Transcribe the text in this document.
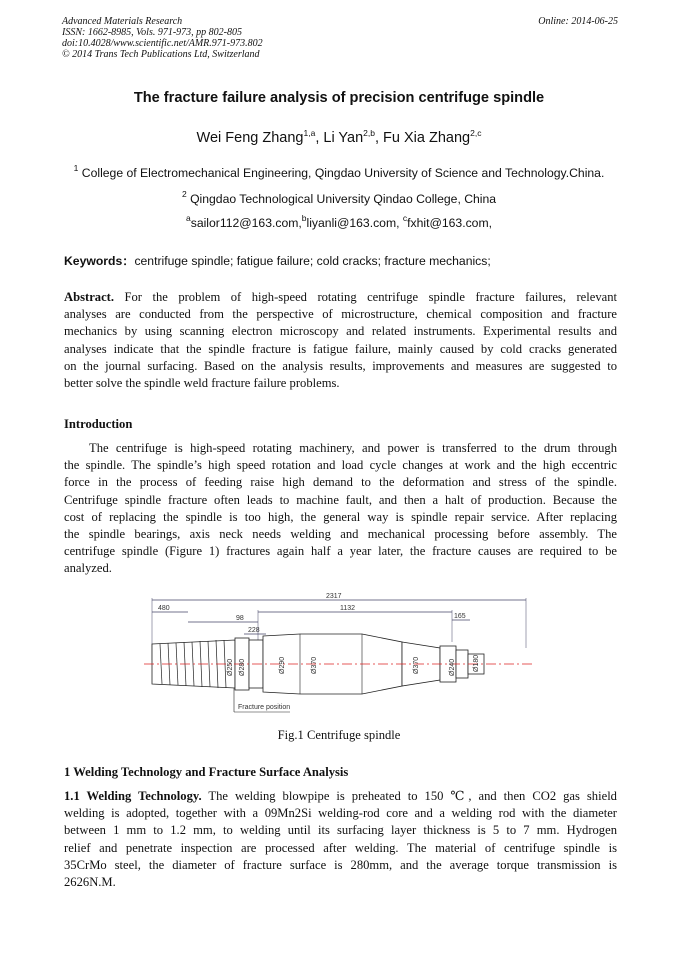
Advanced Materials Research
ISSN: 1662-8985, Vols. 971-973, pp 802-805
doi:10.4028/www.scientific.net/AMR.971-973.802
© 2014 Trans Tech Publications Ltd, Switzerland
Online: 2014-06-25
The fracture failure analysis of precision centrifuge spindle
Wei Feng Zhang$^{1,a}$, Li Yan$^{2,b}$, Fu Xia Zhang$^{2,c}$
$^1$ College of Electromechanical Engineering, Qingdao University of Science and Technology.China.
$^2$ Qingdao Technological University Qindao College, China
$^a$sailor112@163.com,$^b$liyanli@163.com, $^c$fxhit@163.com,
Keywords：centrifuge spindle; fatigue failure; cold cracks; fracture mechanics;
Abstract. For the problem of high-speed rotating centrifuge spindle fracture failures, relevant
analyses are conducted from the perspective of microstructure, chemical composition and fracture
mechanics by using scanning electron microscopy and related instruments. Experimental results and
analyses indicate that the spindle fracture is fatigue failure, mainly caused by cold cracks generated
on the journal surfacing. Based on the analysis results, improvements and measures are suggested to
better solve the spindle weld fracture failure problems.
Introduction
The centrifuge is high-speed rotating machinery, and power is transferred to the drum through
the spindle. The spindle’s high speed rotation and load cycle changes at work and the high eccentric
force in the process of feeding raise high demand to the deformation and stress of the spindle.
Centrifuge spindle fracture often leads to machine fault, and then a halt of production. Because the
cost of replacing the spindle is too high, the general way is spindle repair service. After replacing
the spindle bearings, axis neck needs welding and mechanical processing before assembly. The
centrifuge spindle (Figure 1) fractures again half a year later, the fracture causes are required to be
analyzed.
2317
480	1132
165
98
228
Ø250 Ø280	Ø290	Ø370	Ø370	Ø240 Ø180
Fracture position
Fig.1 Centrifuge spindle
1 Welding Technology and Fracture Surface Analysis
1.1 Welding Technology. The welding blowpipe is preheated to 150 ℃, and then CO2 gas shield
welding is adopted, together with a 09Mn2Si welding-rod core and a welding rod with the diameter
between 1 mm to 1.2 mm, to welding until its surfacing layer thickness is 5 to 7 mm. Hydrogen
relief and penetrate inspection are processed after welding. The material of centrifuge spindle is
35CrMo steel, the diameter of fracture surface is 280mm, and the average torque transmission is
2626N.M.
